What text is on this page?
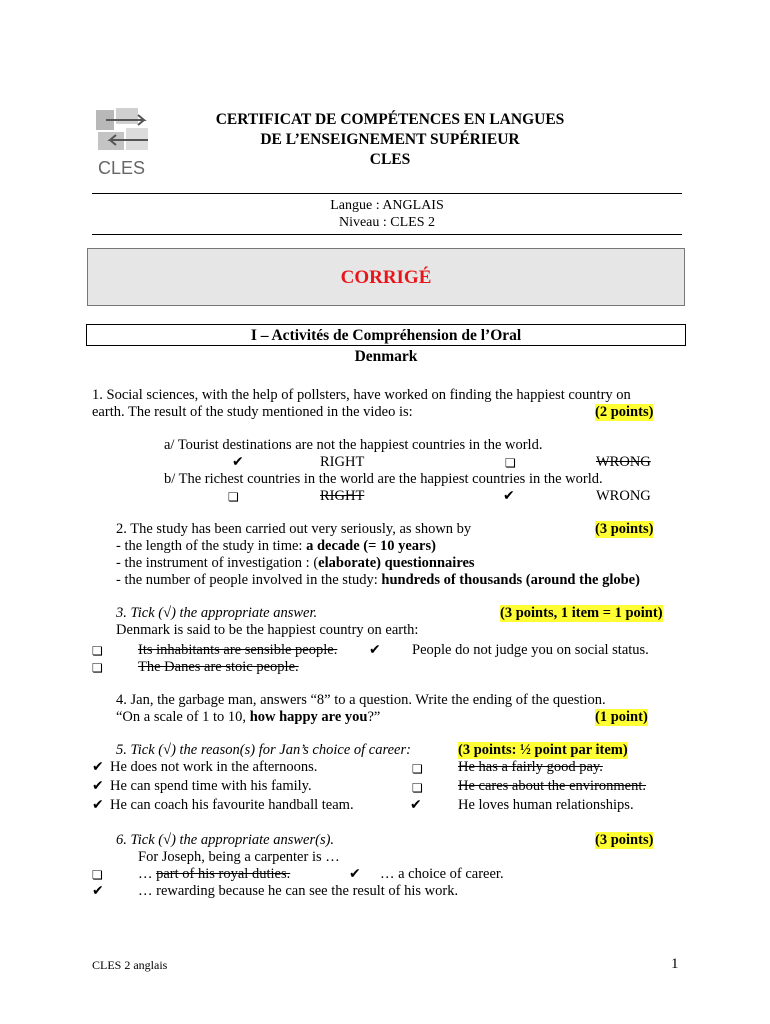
CLES
CERTIFICAT DE COMPÉTENCES EN LANGUES
DE L’ENSEIGNEMENT SUPÉRIEUR
CLES
Langue : ANGLAIS
Niveau : CLES 2
CORRIGÉ
I – Activités de Compréhension de l’Oral
Denmark
1. Social sciences, with the help of pollsters, have worked on finding the happiest country on
earth. The result of the study mentioned in the video is:	(2 points)
a/ Tourist destinations are not the happiest countries in the world.
✔	RIGHT	❏	WRONG
b/ The richest countries in the world are the happiest countries in the world.
❏	RIGHT	✔	WRONG
2. The study has been carried out very seriously, as shown by	(3 points)
- the length of the study in time: a decade (= 10 years)
- the instrument of investigation : (elaborate) questionnaires
- the number of people involved in the study: hundreds of thousands (around the globe)
3. Tick (√) the appropriate answer.	(3 points, 1 item = 1 point)
Denmark is said to be the happiest country on earth:
❏ Its inhabitants are sensible people. ✔ People do not judge you on social status.
❏ The Danes are stoic people.
4. Jan, the garbage man, answers “8” to a question. Write the ending of the question.
“On a scale of 1 to 10, how happy are you?”	(1 point)
5. Tick (√) the reason(s) for Jan’s choice of career:	(3 points: ½ point par item)
✔ He does not work in the afternoons.	❏ He has a fairly good pay.
✔ He can spend time with his family.	❏ He cares about the environment.
✔ He can coach his favourite handball team.	✔	He loves human relationships.
6. Tick (√) the appropriate answer(s).	(3 points)
For Joseph, being a carpenter is …
❏ … part of his royal duties.	✔ … a choice of career.
✔ … rewarding because he can see the result of his work.
CLES 2 anglais	1
